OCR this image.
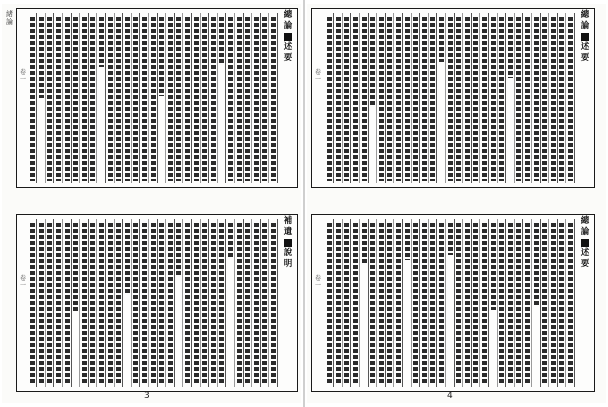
緒論
總
論
述
要
卷一
補
遺
說
明
卷一
3
總
論
述
要
卷一
總
論
述
要
卷一
4
